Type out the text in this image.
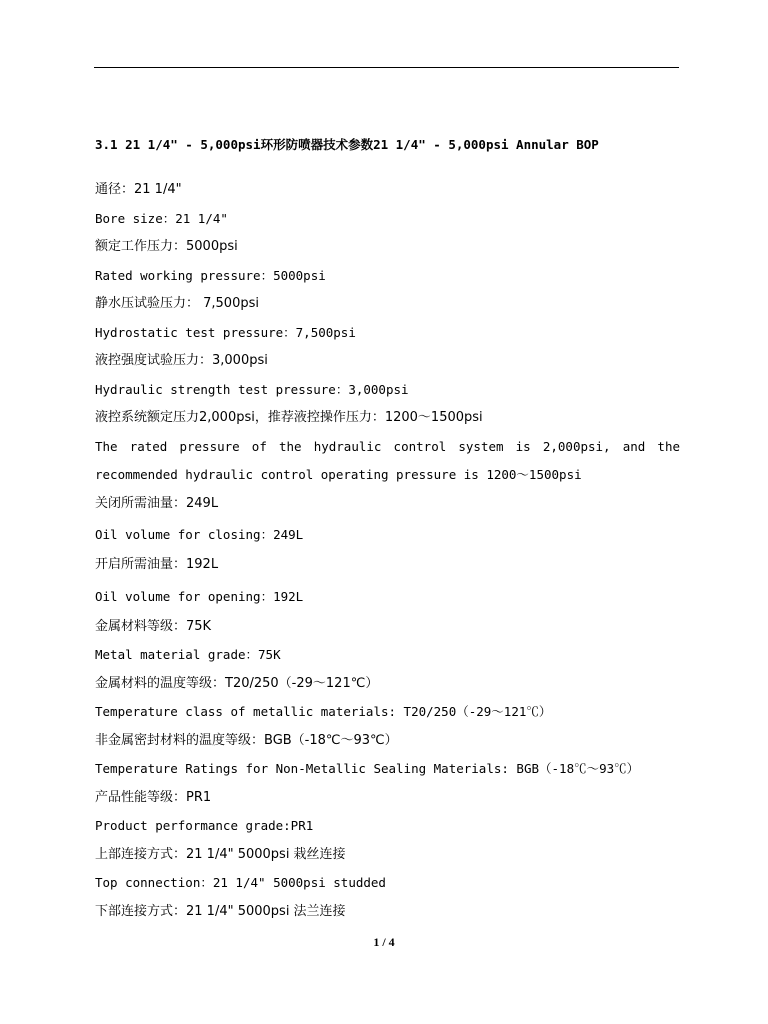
3.1 21 1/4" - 5,000psi环形防喷器技术参数21 1/4" - 5,000psi Annular BOP
通径：21 1/4"
Bore size：21 1/4"
额定工作压力：5000psi
Rated working pressure：5000psi
静水压试验压力： 7,500psi
Hydrostatic test pressure：7,500psi
液控强度试验压力：3,000psi
Hydraulic strength test pressure：3,000psi
液控系统额定压力2,000psi，推荐液控操作压力：1200～1500psi
The rated pressure of the hydraulic control system is 2,000psi, and the
recommended hydraulic control operating pressure is 1200～1500psi
关闭所需油量：249L
Oil volume for closing：249L
开启所需油量：192L
Oil volume for opening：192L
金属材料等级：75K
Metal material grade：75K
金属材料的温度等级：T20/250（-29～121℃）
Temperature class of metallic materials: T20/250（-29～121℃）
非金属密封材料的温度等级：BGB（-18℃～93℃）
Temperature Ratings for Non-Metallic Sealing Materials: BGB（-18℃～93℃）
产品性能等级：PR1
Product performance grade:PR1
上部连接方式：21 1/4" 5000psi 栽丝连接
Top connection：21 1/4" 5000psi studded
下部连接方式：21 1/4" 5000psi 法兰连接
1 / 4
